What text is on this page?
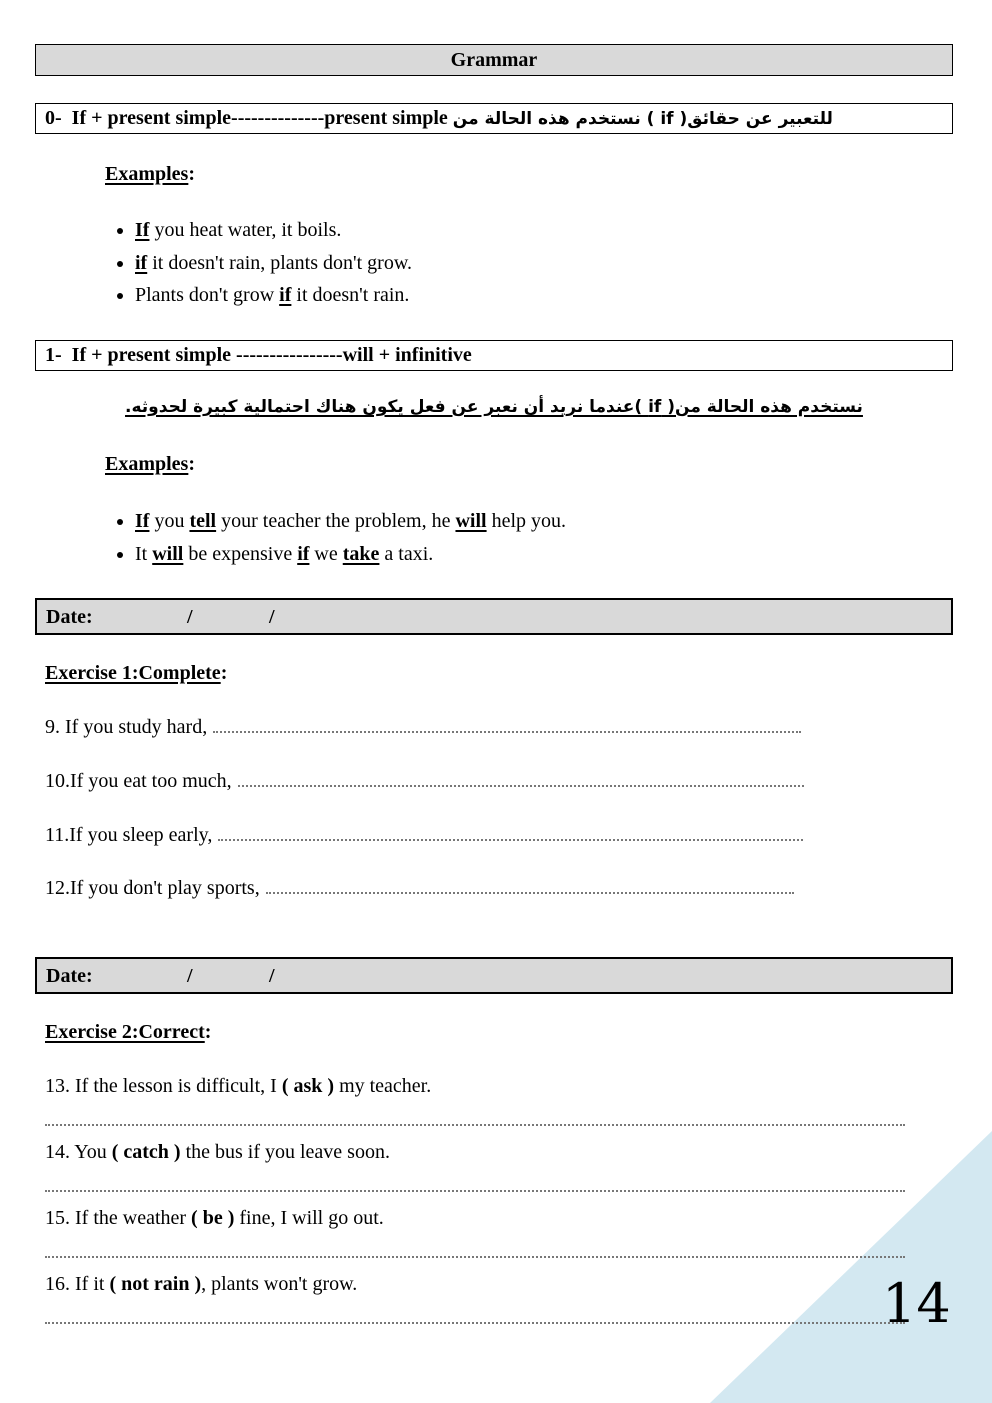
Grammar
0- If + present simple--------------present simple للتعبير عن حقائق( if ) نستخدم هذه الحالة من
Examples:
• If you heat water, it boils.
• if it doesn't rain, plants don't grow.
• Plants don't grow if it doesn't rain.
1- If + present simple ----------------will + infinitive
نستخدم هذه الحالة من( if )عندما نريد أن نعبر عن فعل يكون هناك احتمالية كبيرة لحدوثه.
Examples:
• If you tell your teacher the problem, he will help you.
• It will be expensive if we take a taxi.
Date:	/	/
Exercise 1:Complete:
9. If you study hard,
10.If you eat too much,
11.If you sleep early,
12.If you don't play sports,
Date:	/	/
Exercise 2:Correct:
13. If the lesson is difficult, I ( ask ) my teacher.
14. You ( catch ) the bus if you leave soon.
15. If the weather ( be ) fine, I will go out.
16. If it ( not rain ), plants won't grow.	14
